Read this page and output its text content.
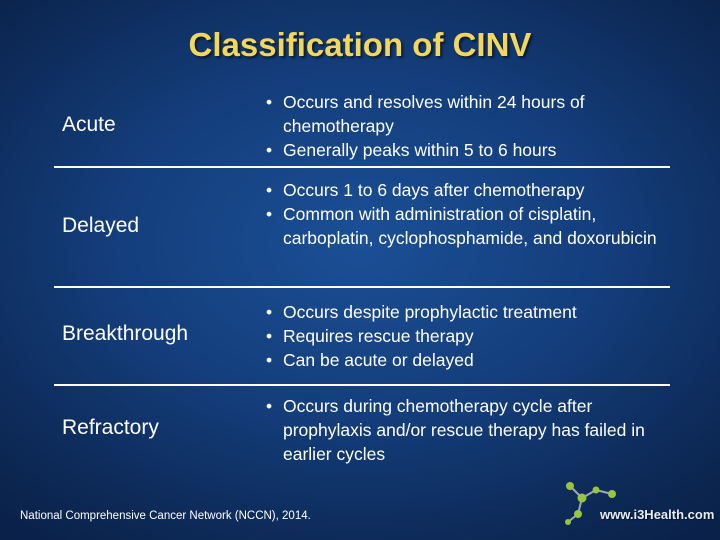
Classification of CINV
Acute
• Occurs and resolves within 24 hours of chemotherapy
• Generally peaks within 5 to 6 hours
Delayed
• Occurs 1 to 6 days after chemotherapy
• Common with administration of cisplatin, carboplatin, cyclophosphamide, and doxorubicin
Breakthrough
• Occurs despite prophylactic treatment
• Requires rescue therapy
• Can be acute or delayed
Refractory
• Occurs during chemotherapy cycle after prophylaxis and/or rescue therapy has failed in earlier cycles
National Comprehensive Cancer Network (NCCN), 2014.	www.i3Health.com
